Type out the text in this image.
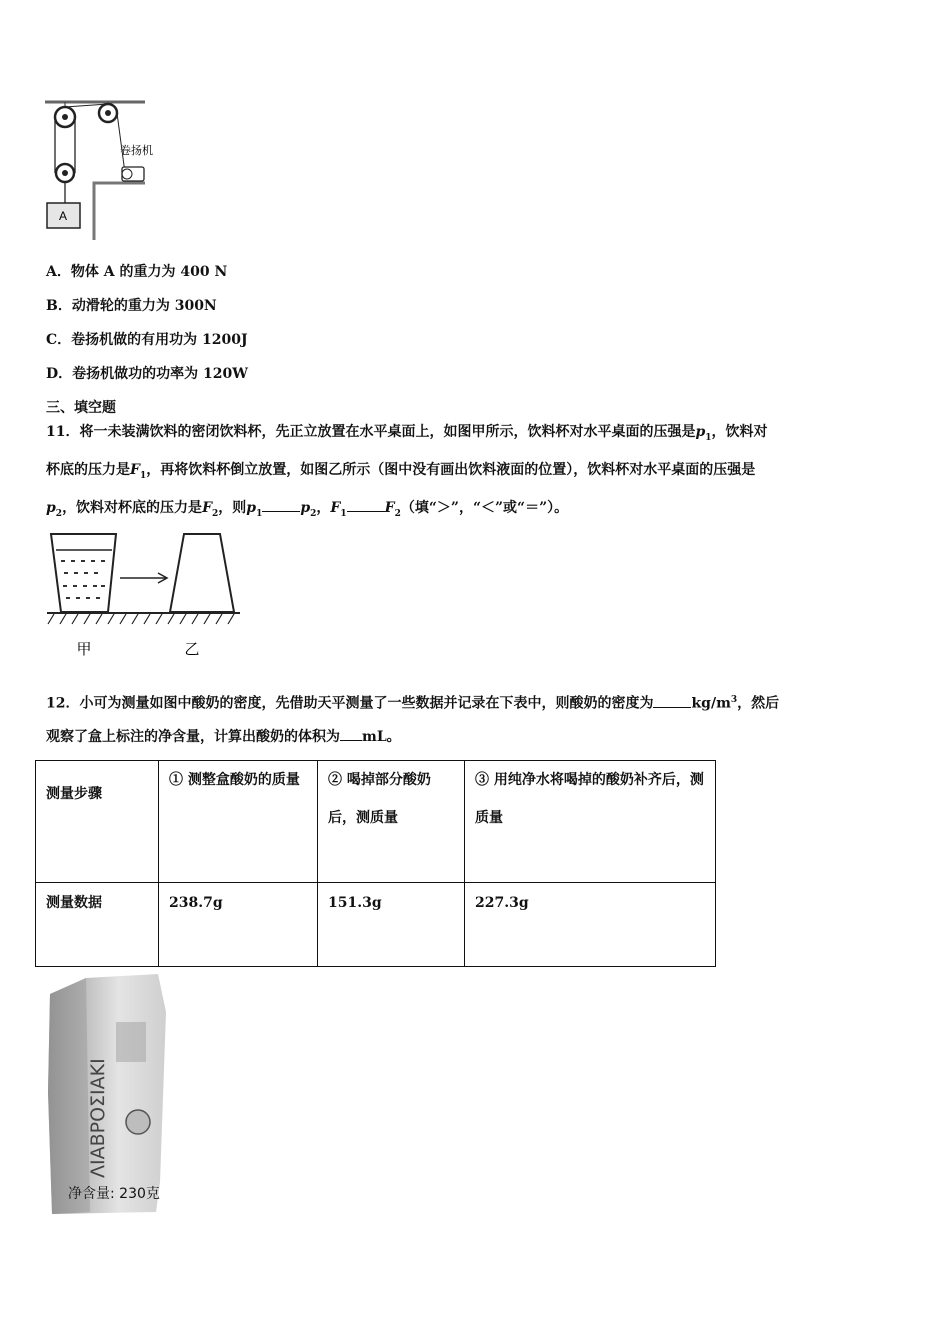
A
卷扬机
A．物体 A 的重力为 400 N
B．动滑轮的重力为 300N
C．卷扬机做的有用功为 1200J
D．卷扬机做功的功率为 120W
三、填空题
11．将一未装满饮料的密闭饮料杯，先正立放置在水平桌面上，如图甲所示，饮料杯对水平桌面的压强是$p_1$，饮料对
杯底的压力是$F_1$，再将饮料杯倒立放置，如图乙所示（图中没有画出饮料液面的位置），饮料杯对水平桌面的压强是
$p_2$，饮料对杯底的压力是$F_2$，则$p_1$	$p_2$，$F_1$	$F_2$（填“＞”，“＜”或“＝”）。
甲	乙
12．小可为测量如图中酸奶的密度，先借助天平测量了一些数据并记录在下表中，则酸奶的密度为	$kg/m^3$，然后
观察了盒上标注的净含量，计算出酸奶的体积为 mL。
测量步骤	① 测整盒酸奶的质量	② 喝掉部分酸奶后，测质量	③ 用纯净水将喝掉的酸奶补齐后，测质量
测量数据	238.7g	151.3g	227.3g
ΛΙΑΒΡΟΣΙΑΚΙ
净含量: 230克
